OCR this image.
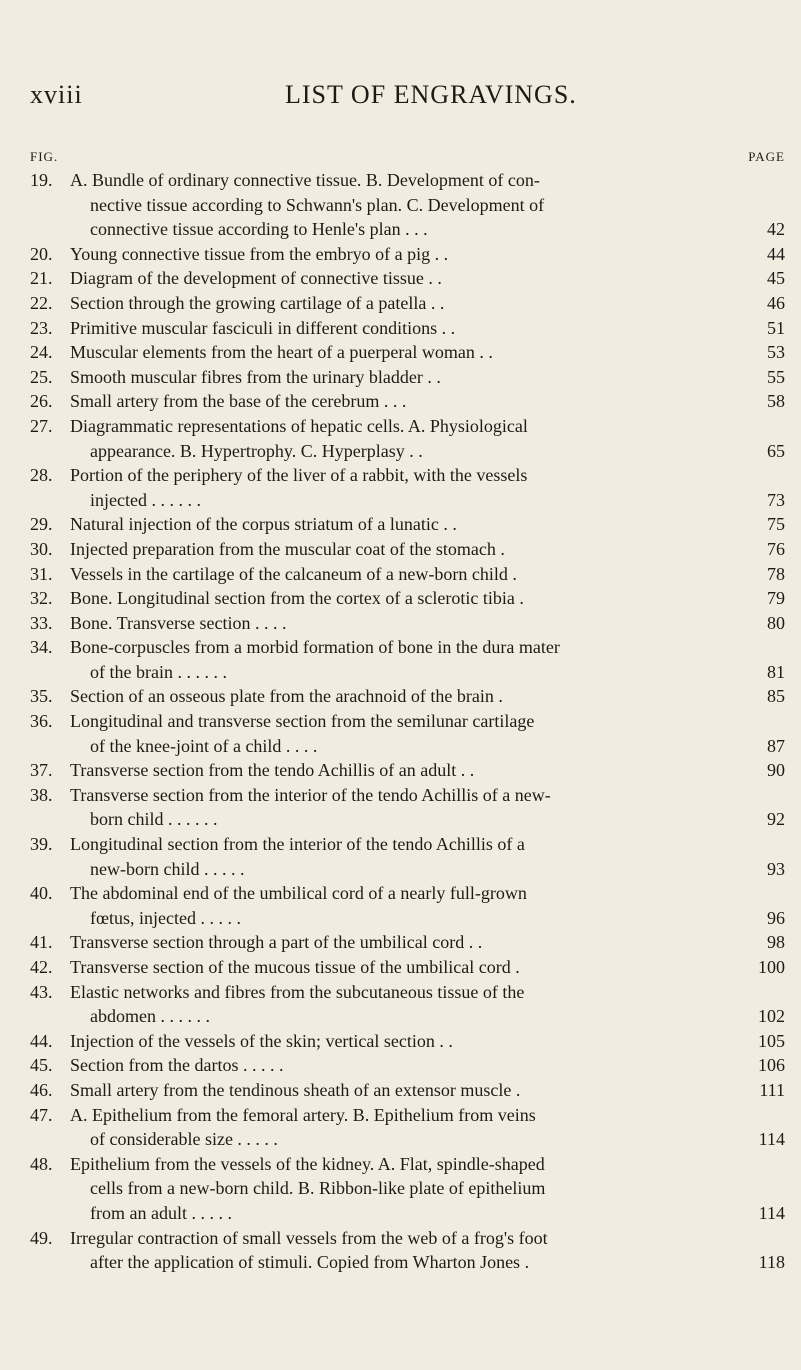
xviii	LIST OF ENGRAVINGS.
FIG.	PAGE
19. A. Bundle of ordinary connective tissue. B. Development of con-
nective tissue according to Schwann's plan. C. Development of
connective tissue according to Henle's plan . . .	42
20. Young connective tissue from the embryo of a pig . .	44
21. Diagram of the development of connective tissue . .	45
22. Section through the growing cartilage of a patella . .	46
23. Primitive muscular fasciculi in different conditions . .	51
24. Muscular elements from the heart of a puerperal woman . .	53
25. Smooth muscular fibres from the urinary bladder . .	55
26. Small artery from the base of the cerebrum . . .	58
27. Diagrammatic representations of hepatic cells. A. Physiological
appearance. B. Hypertrophy. C. Hyperplasy . .	65
28. Portion of the periphery of the liver of a rabbit, with the vessels
injected . . . . . .	73
29. Natural injection of the corpus striatum of a lunatic . .	75
30. Injected preparation from the muscular coat of the stomach .	76
31. Vessels in the cartilage of the calcaneum of a new-born child .	78
32. Bone. Longitudinal section from the cortex of a sclerotic tibia .	79
33. Bone. Transverse section . . . .	80
34. Bone-corpuscles from a morbid formation of bone in the dura mater
of the brain . . . . . .	81
35. Section of an osseous plate from the arachnoid of the brain .	85
36. Longitudinal and transverse section from the semilunar cartilage
of the knee-joint of a child . . . .	87
37. Transverse section from the tendo Achillis of an adult . .	90
38. Transverse section from the interior of the tendo Achillis of a new-
born child . . . . . .	92
39. Longitudinal section from the interior of the tendo Achillis of a
new-born child . . . . .	93
40. The abdominal end of the umbilical cord of a nearly full-grown
fœtus, injected . . . . .	96
41. Transverse section through a part of the umbilical cord . .	98
42. Transverse section of the mucous tissue of the umbilical cord .	100
43. Elastic networks and fibres from the subcutaneous tissue of the
abdomen . . . . . .	102
44. Injection of the vessels of the skin; vertical section . .	105
45. Section from the dartos . . . . .	106
46. Small artery from the tendinous sheath of an extensor muscle .	111
47. A. Epithelium from the femoral artery. B. Epithelium from veins
of considerable size . . . . .	114
48. Epithelium from the vessels of the kidney. A. Flat, spindle-shaped
cells from a new-born child. B. Ribbon-like plate of epithelium
from an adult . . . . .	114
49. Irregular contraction of small vessels from the web of a frog's foot
after the application of stimuli. Copied from Wharton Jones .	118
